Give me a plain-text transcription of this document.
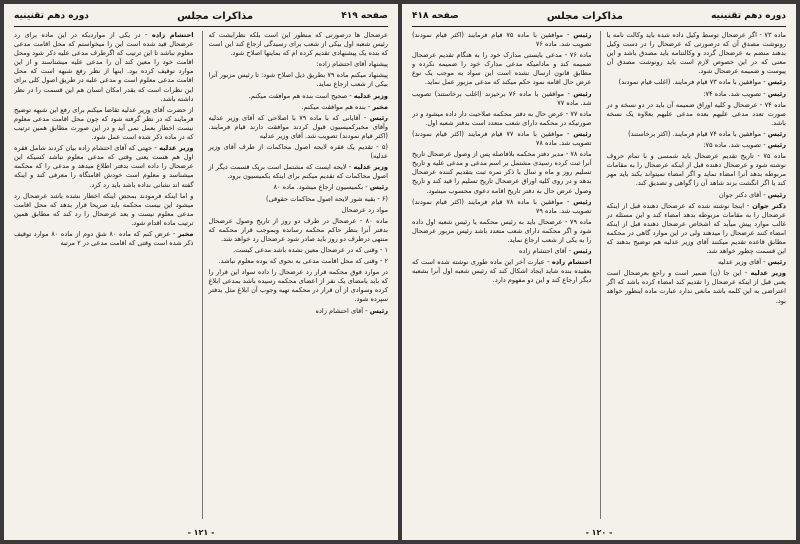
صفحه ۴۱۹
مذاکرات مجلس
دوره دهم تقنینیه

عرضحال ها درصورتی که منظور این است بلکه نظرایشت که رئیس شعبه اول بیکی از شعب برای رسیدگی ارجاع کند این است که بنده یک پیشنهادی تقدیم کرده ام که بماینها اصلاح شود.

پیشنهاد آقای احتشام زاده:

پیشنهاد میکنم ماده ۷۹ بطریق ذیل اصلاح شود: تا رئیس مزبور آنرا بیکی از شعب ارجاع نماید.

وزیر عدلیه - صحیح است بنده هم موافقت میکنم.

مخبر - بنده هم موافقت میکنم.

رئیس - آقایانی که با ماده ۷۹ با اصلاحی که آقای وزیر عدلیه وآقای مخبرکمیسیون قبول کردند موافقت دارند قیام فرمایند. (اکثر قیام نمودند) تصویب شد. آقای وزیر عدلیه

(۵ - تقدیم یک فقره لایحه اصول محاکمات از طرف آقای وزیر عدلیه)

وزیر عدلیه - لایحه ایست که مشتمل است بریک قسمت دیگر از اصول محاکمات که تقدیم میکنم برای اینکه بکمیسیون برود.

رئیس - بکمیسیون ارجاع میشود. ماده ۸۰

(۶ - بقیه شور لایحه اصول محاکمات حقوقی)

مواد رد عرضحال

ماده ۸۰ - عرضحال در طرف دو روز از تاریخ وصول عرضحال بدفتر آنرا بنظر حاکم محکمه رسانده وبموجب قرار محکمه که منتهی درظرف دو روز باید صادر شود عرضحال رد خواهد شد.

۱ - وقتی که در عرضحال معین نشده باشد مدعی کیست.

۲ - وقتی که محل اقامت مدعی به نحوی که بوده معلوم نباشد.

در موارد فوق محکمه قرار رد عرضحال را داده سواد این قرار را که باید بامضای یک نفر از اعضای محکمه رسیده باشد بمدعی ابلاغ کرده وسوادی از آن قرار در محکمه تهیه وجوب آن ابلاغ مثل بدفتر سپرده شود.

رئیس - آقای احتشام زاده

احتشام زاده - در یکی از مواردیکه در این ماده برای رد عرضحال قید شده است این را میخواستم که محل اقامت مدعی معلوم نباشد تا این ترتیب که اگرطرف مدعی علیه ذکر شود ومحل اقامت خود را معین کند آن را مدعی علیه میشناسند و از این موارد توقیف کرده بود. اینها از نظر رفع شبهه است که محل اقامت مدعی معلوم است و مدعی علیه در طریق اصول کلی برای این نظرات است که بقدر امکان انسان هم این قسمت را در نظر داشته باشد.

از حضرت آقای وزیر عدلیه تقاضا میکنم برای رفع این شبهه توضیح فرمایند که در نظر گرفته شود که چون محل اقامت مدعی معلوم نیست اخطار بعمل نمی آید و در این صورت مطابق همین ترتیب که در ماده ذکر شده است عمل شود.

وزیر عدلیه - جهتی که آقای احتشام زاده بیان کردند شامل فقره اول هم هست یعنی وقتی که مدعی معلوم نباشد کسیکه این عرضحال را داده است بدفتر اطلاع میدهد و مدعی را که محکمه میشناسد و معلوم است خودش اقامتگاه را معرفی کند و اینکه گفته اند نشانی نداده باشد باید رد کرد.

و اما اینکه فرمودند بمحض اینکه اخطار نشده باشد عرضحال رد میشود این نیست محکمه باید صریحا قرار بدهد که محل اقامت مدعی معلوم نیست و بعد عرضحال را رد کند که مطابق همین ترتیب ماده اقدام شود.

مخبر - عرض کنم که ماده ۸۰ شق دوم از ماده ۸۰ موارد توقیف ذکر شده است وقتی که اقامت مدعی در ۲ مرتبه

- ۱۲۱ -
دوره دهم تقنینیه
مذاکرات مجلس
صفحه ۴۱۸

ماده ۷۳ - اگر عرضحال توسط وکیل داده شده باید وکالت نامه یا رونوشت مصدق آن که درصورتی که عرضحال را در دست وکیل بدهند منضم به عرضحال گردد و وکالتنامه باید مصدق باشد و این معنی که در این خصوص لازم است باید رونوشت مصدق آن پیوست و ضمیمه عرضحال شود.

رئیس - موافقین با ماده ۷۳ قیام فرمایند. (اغلب قیام نمودند)

رئیس - تصویب شد. ماده ۷۴:

ماده ۷۴ - عرضحال و کلیه اوراق ضمیمه آن باید در دو نسخه و در صورت تعدد مدعی علیهم بعده مدعی علیهم بعلاوه یک نسخه باشد.

رئیس - موافقین با ماده ۷۴ قیام فرمایند. (اکثر برخاستند)

رئیس - تصویب شد. ماده ۷۵:

ماده ۷۵ - تاریخ تقدیم عرضحال باید شمسی و با تمام حروف نوشته شود و عرضحال دهنده قبل از اینکه عرضحال را به مقامات مربوطه بدهد آنرا امضاء نماید و اگر امضاء نمیتواند بکند باید مهر کند یا اگر انگشت بزند شاهد آن را گواهی و تصدیق کند.

رئیس - آقای دکتر جوان

دکتر جوان - اینجا نوشته شده که عرضحال دهنده قبل از اینکه عرضحال را به مقامات مربوطه بدهد امضاء کند و این مسئله در غالب موارد پیش میآید که اشخاص عرضحال دهنده قبل از اینکه امضاء کنند عرضحال را میدهند ولی در این موارد گاهی در محکمه مطابق قاعده تقدیم میکنند آقای وزیر عدلیه هم توضیح بدهند که این قسمت چطور خواهد شد.

رئیس - آقای وزیر عدلیه

وزیر عدلیه - این جا (ن) ضمیر است و راجع بعرضحال است یعنی قبل از اینکه عرضحال را تقدیم کند امضاء کرده باشد که اگر اعتراضی به این کلمه باشد مانعی ندارد عبارت ماده اینطور خواهد بود.

رئیس - موافقین با ماده ۷۵ قیام فرمایند (اکثر قیام نمودند) تصویب شد. ماده ۷۶

ماده ۷۶ - مدعی بایستی مدارک خود را به هنگام تقدیم عرضحال ضمیمه کند و مادامیکه مدعی مدارک خود را ضمیمه نکرده و مطابق قانون ارسال نشده است این سواد به موجب یک نوع عرض حال اقامه نمود حکم میکند که مدعی مزبور عمل نماید.

رئیس - موافقین با ماده ۷۶ برخیزند (اغلب برخاستند) تصویب شد. ماده ۷۷

ماده ۷۷ - عرض حال به دفتر محکمه صلاحیت دار داده میشود و در صورتیکه در محکمه دارای شعب متعدد است بدفتر شعبه اول.

رئیس - موافقین با ماده ۷۷ قیام فرمایند (اکثر قیام نمودند) تصویب شد. ماده ۷۸

ماده ۷۸ - مدیر دفتر محکمه بلافاصله پس از وصول عرضحال تاریخ آنرا ثبت کرده رسیدی مشتمل بر اسم مدعی و مدعی علیه و تاریخ تسلیم روز و ماه و سال با ذکر نمره ثبت بتقدیم کننده عرضحال بدهد و در روی کلیه اوراق عرضحال تاریخ تسلیم را قید کند و تاریخ وصول عرض حال به دفتر تاریخ اقامه دعوی محسوب میشود.

رئیس - موافقین با ماده ۷۸ قیام فرمایند (اکثر قیام نمودند) تصویب شد. ماده ۷۹

ماده ۷۹ - عرضحال باید به رئیس محکمه یا رئیس شعبه اول داده شود و اگر محکمه دارای شعب متعدد باشد رئیس مزبور عرضحال را به یکی از شعب ارجاع نماید.

رئیس - آقای احتشام زاده

احتشام زاده - عبارت آخر این ماده طوری نوشته شده است که بعقیده بنده شاید ایجاد اشکال کند که رئیس شعبه اول آنرا بشعبه دیگر ارجاع کند و این دو مفهوم دارد.

- ۱۲۰ -
